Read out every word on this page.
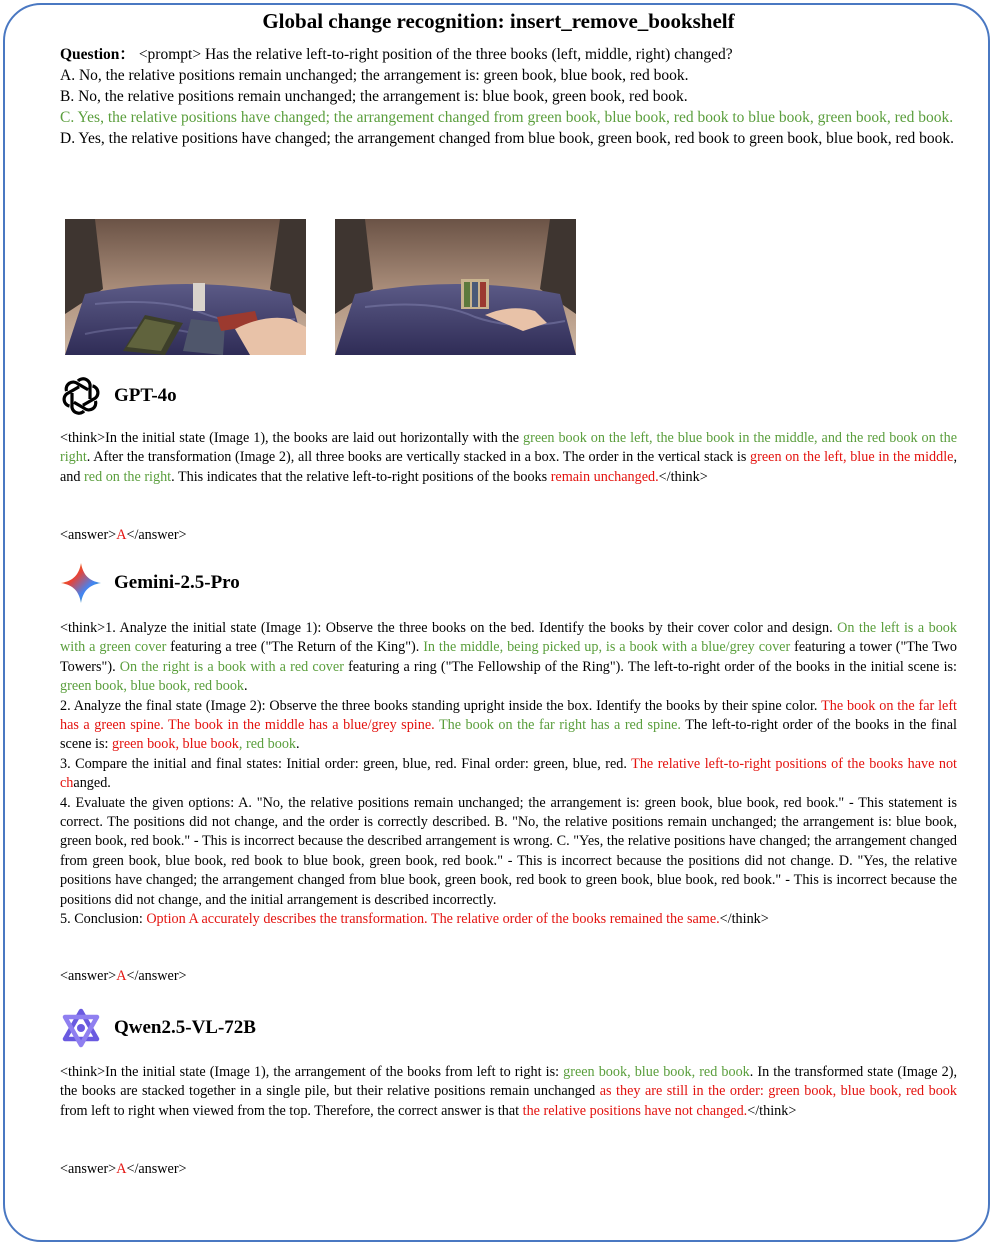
Global change recognition: insert_remove_bookshelf

Question： <prompt> Has the relative left-to-right position of the three books (left, middle, right) changed?

A. No, the relative positions remain unchanged; the arrangement is: green book, blue book, red book.

B. No, the relative positions remain unchanged; the arrangement is: blue book, green book, red book.

C. Yes, the relative positions have changed; the arrangement changed from green book, blue book, red book to blue book, green book, red book.

D. Yes, the relative positions have changed; the arrangement changed from blue book, green book, red book to green book, blue book, red book.

GPT-4o

<think>In the initial state (Image 1), the books are laid out horizontally with the green book on the left, the blue book in the middle, and the red book on the right. After the transformation (Image 2), all three books are vertically stacked in a box. The order in the vertical stack is green on the left, blue in the middle, and red on the right. This indicates that the relative left-to-right positions of the books remain unchanged.</think>

<answer>A</answer>
Gemini-2.5-Pro

<think>1. Analyze the initial state (Image 1): Observe the three books on the bed. Identify the books by their cover color and design. On the left is a book with a green cover featuring a tree ("The Return of the King"). In the middle, being picked up, is a book with a blue/grey cover featuring a tower ("The Two Towers"). On the right is a book with a red cover featuring a ring ("The Fellowship of the Ring"). The left-to-right order of the books in the initial scene is: green book, blue book, red book.

2. Analyze the final state (Image 2): Observe the three books standing upright inside the box. Identify the books by their spine color. The book on the far left has a green spine. The book in the middle has a blue/grey spine. The book on the far right has a red spine. The left-to-right order of the books in the final scene is: green book, blue book, red book.

3. Compare the initial and final states: Initial order: green, blue, red. Final order: green, blue, red. The relative left-to-right positions of the books have not changed.

4. Evaluate the given options: A. "No, the relative positions remain unchanged; the arrangement is: green book, blue book, red book." - This statement is correct. The positions did not change, and the order is correctly described. B. "No, the relative positions remain unchanged; the arrangement is: blue book, green book, red book." - This is incorrect because the described arrangement is wrong. C. "Yes, the relative positions have changed; the arrangement changed from green book, blue book, red book to blue book, green book, red book." - This is incorrect because the positions did not change. D. "Yes, the relative positions have changed; the arrangement changed from blue book, green book, red book to green book, blue book, red book." - This is incorrect because the positions did not change, and the initial arrangement is described incorrectly.

5. Conclusion: Option A accurately describes the transformation. The relative order of the books remained the same.</think>

<answer>A</answer>
Qwen2.5-VL-72B

<think>In the initial state (Image 1), the arrangement of the books from left to right is: green book, blue book, red book. In the transformed state (Image 2), the books are stacked together in a single pile, but their relative positions remain unchanged as they are still in the order: green book, blue book, red book from left to right when viewed from the top. Therefore, the correct answer is that the relative positions have not changed.</think>

<answer>A</answer>
